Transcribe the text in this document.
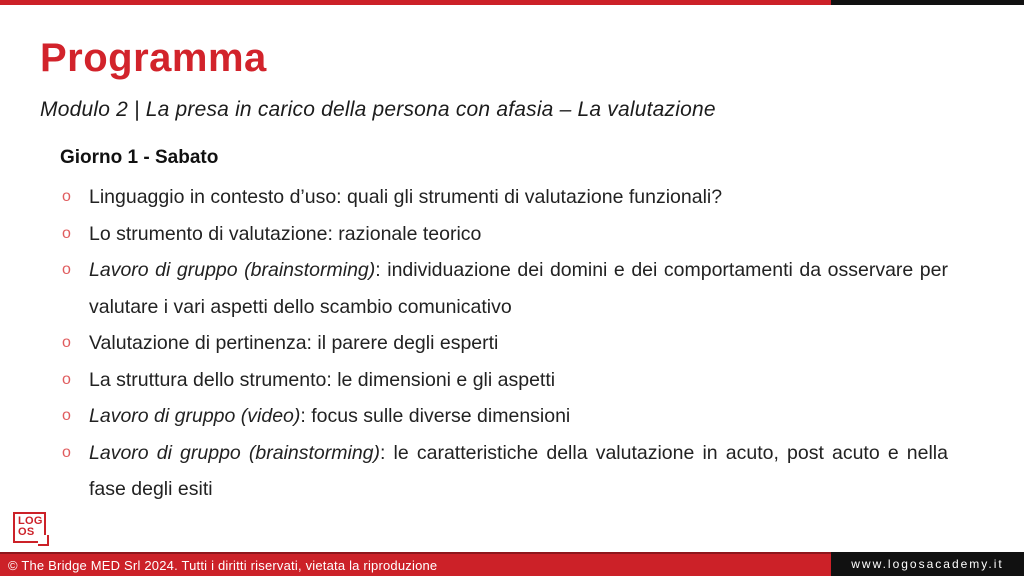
Programma

Modulo 2 | La presa in carico della persona con afasia – La valutazione

Giorno 1 - Sabato

o Linguaggio in contesto d’uso: quali gli strumenti di valutazione funzionali?
o Lo strumento di valutazione: razionale teorico
o Lavoro di gruppo (brainstorming): individuazione dei domini e dei comportamenti da osservare per valutare i vari aspetti dello scambio comunicativo
o Valutazione di pertinenza: il parere degli esperti
o La struttura dello strumento: le dimensioni e gli aspetti
o Lavoro di gruppo (video): focus sulle diverse dimensioni
o Lavoro di gruppo (brainstorming): le caratteristiche della valutazione in acuto, post acuto e nella fase degli esiti
LOG
OS
© The Bridge MED Srl 2024. Tutti i diritti riservati, vietata la riproduzione	www.logosacademy.it
